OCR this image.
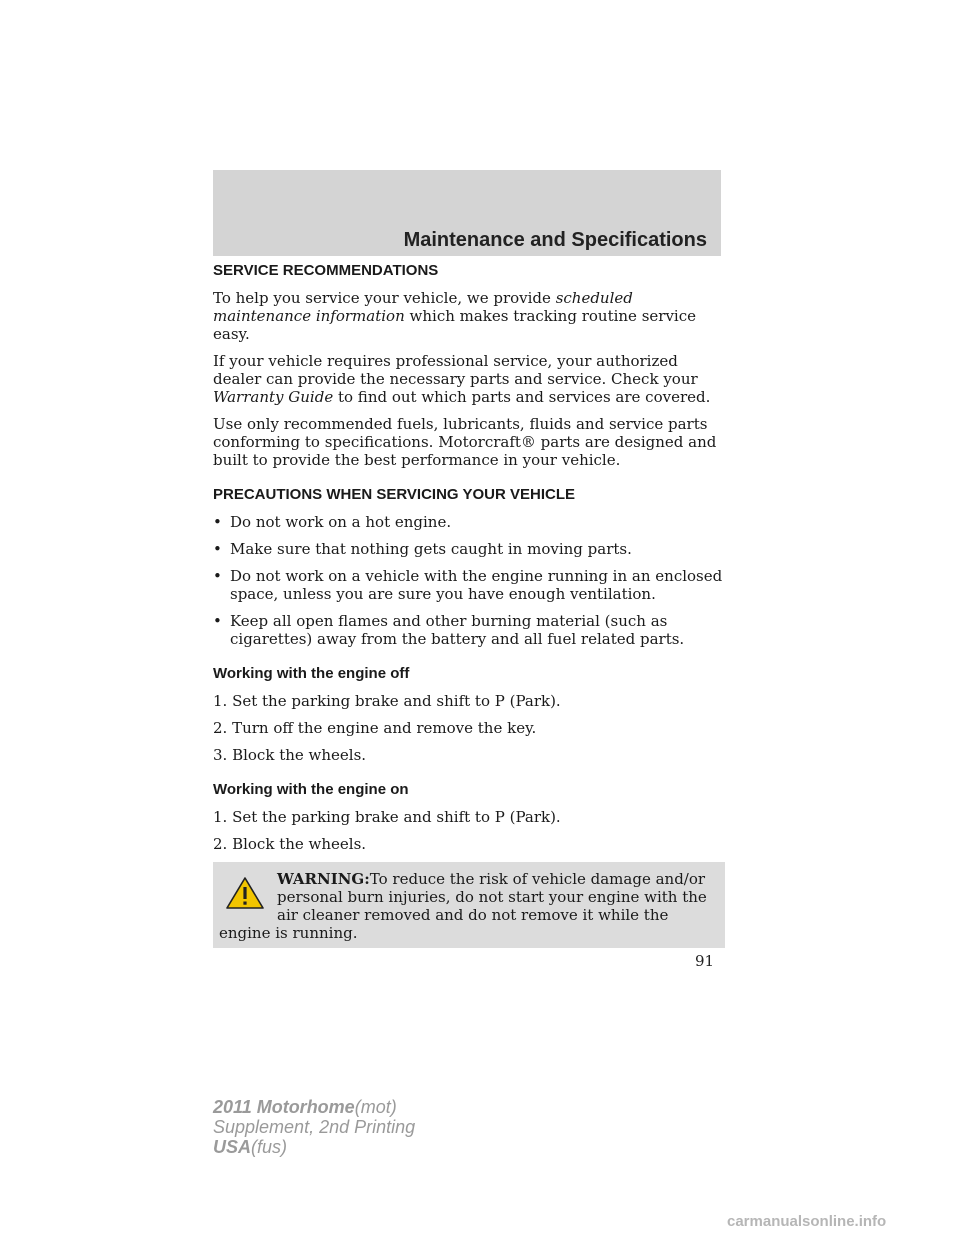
Maintenance and Specifications
SERVICE RECOMMENDATIONS

To help you service your vehicle, we provide scheduled maintenance information which makes tracking routine service easy.

If your vehicle requires professional service, your authorized dealer can provide the necessary parts and service. Check your Warranty Guide to find out which parts and services are covered.

Use only recommended fuels, lubricants, fluids and service parts conforming to specifications. Motorcraft® parts are designed and built to provide the best performance in your vehicle.

PRECAUTIONS WHEN SERVICING YOUR VEHICLE
• Do not work on a hot engine.
• Make sure that nothing gets caught in moving parts.
• Do not work on a vehicle with the engine running in an enclosed space, unless you are sure you have enough ventilation.
• Keep all open flames and other burning material (such as cigarettes) away from the battery and all fuel related parts.
Working with the engine off

1. Set the parking brake and shift to P (Park).

2. Turn off the engine and remove the key.

3. Block the wheels.

Working with the engine on

1. Set the parking brake and shift to P (Park).

2. Block the wheels.

WARNING:To reduce the risk of vehicle damage and/or personal burn injuries, do not start your engine with the air cleaner removed and do not remove it while the engine is running.
91
2011 Motorhome(mot)
Supplement, 2nd Printing
USA(fus)
carmanualsonline.info
